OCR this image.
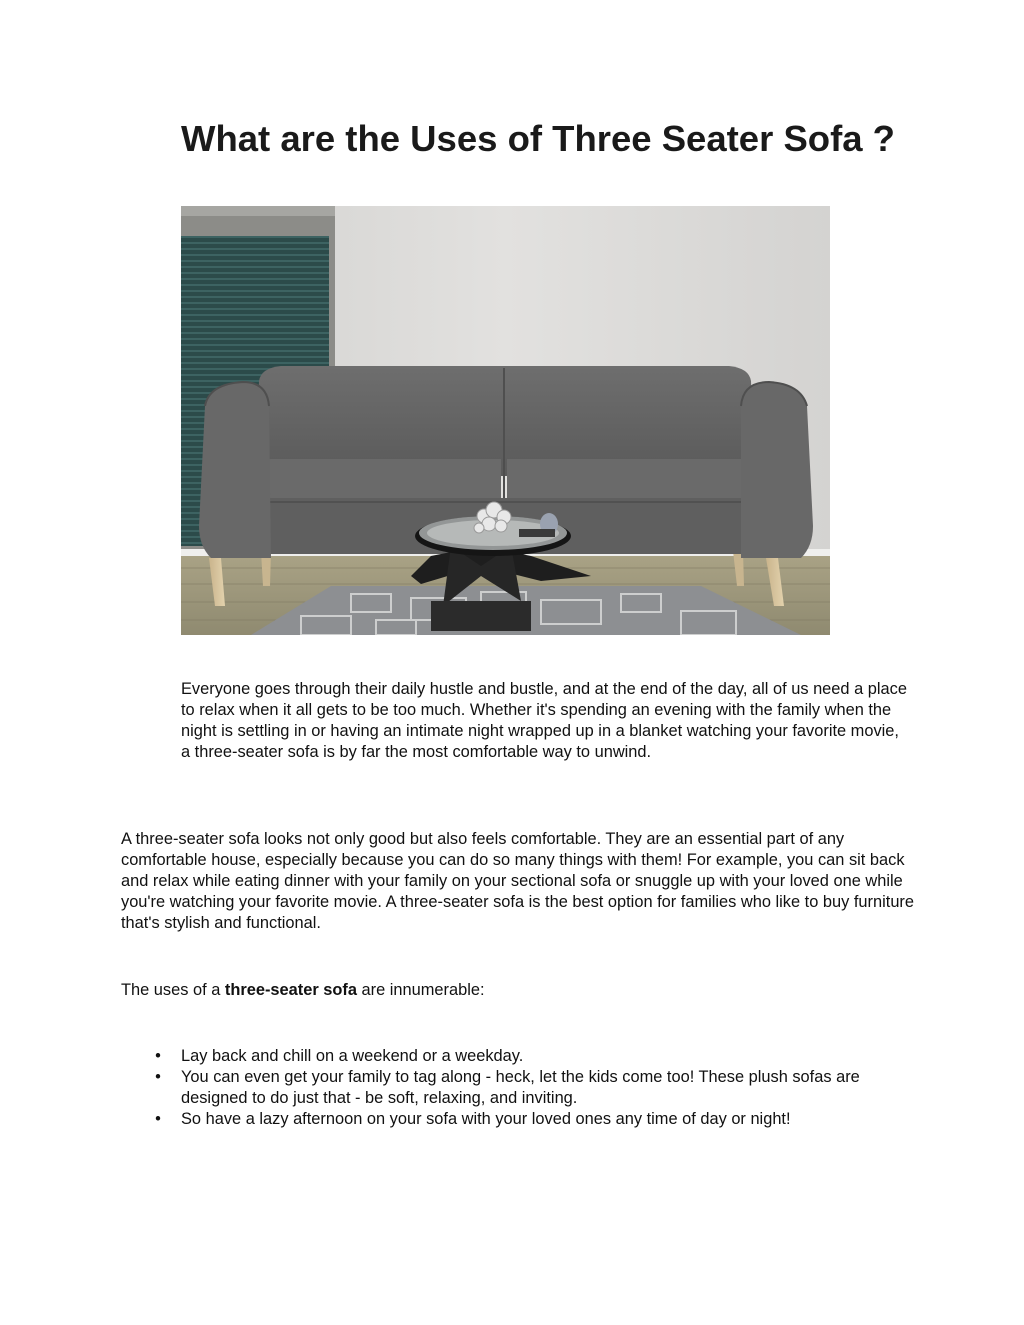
What are the Uses of Three Seater Sofa ?

Everyone goes through their daily hustle and bustle, and at the end of the day, all of us need a place to relax when it all gets to be too much. Whether it's spending an evening with the family when the night is settling in or having an intimate night wrapped up in a blanket watching your favorite movie, a three-seater sofa is by far the most comfortable way to unwind.

A three-seater sofa looks not only good but also feels comfortable. They are an essential part of any comfortable house, especially because you can do so many things with them! For example, you can sit back and relax while eating dinner with your family on your sectional sofa or snuggle up with your loved one while you're watching your favorite movie. A three-seater sofa is the best option for families who like to buy furniture that's stylish and functional.

The uses of a three-seater sofa are innumerable:

• Lay back and chill on a weekend or a weekday.
• You can even get your family to tag along - heck, let the kids come too! These plush sofas are designed to do just that - be soft, relaxing, and inviting.
• So have a lazy afternoon on your sofa with your loved ones any time of day or night!
